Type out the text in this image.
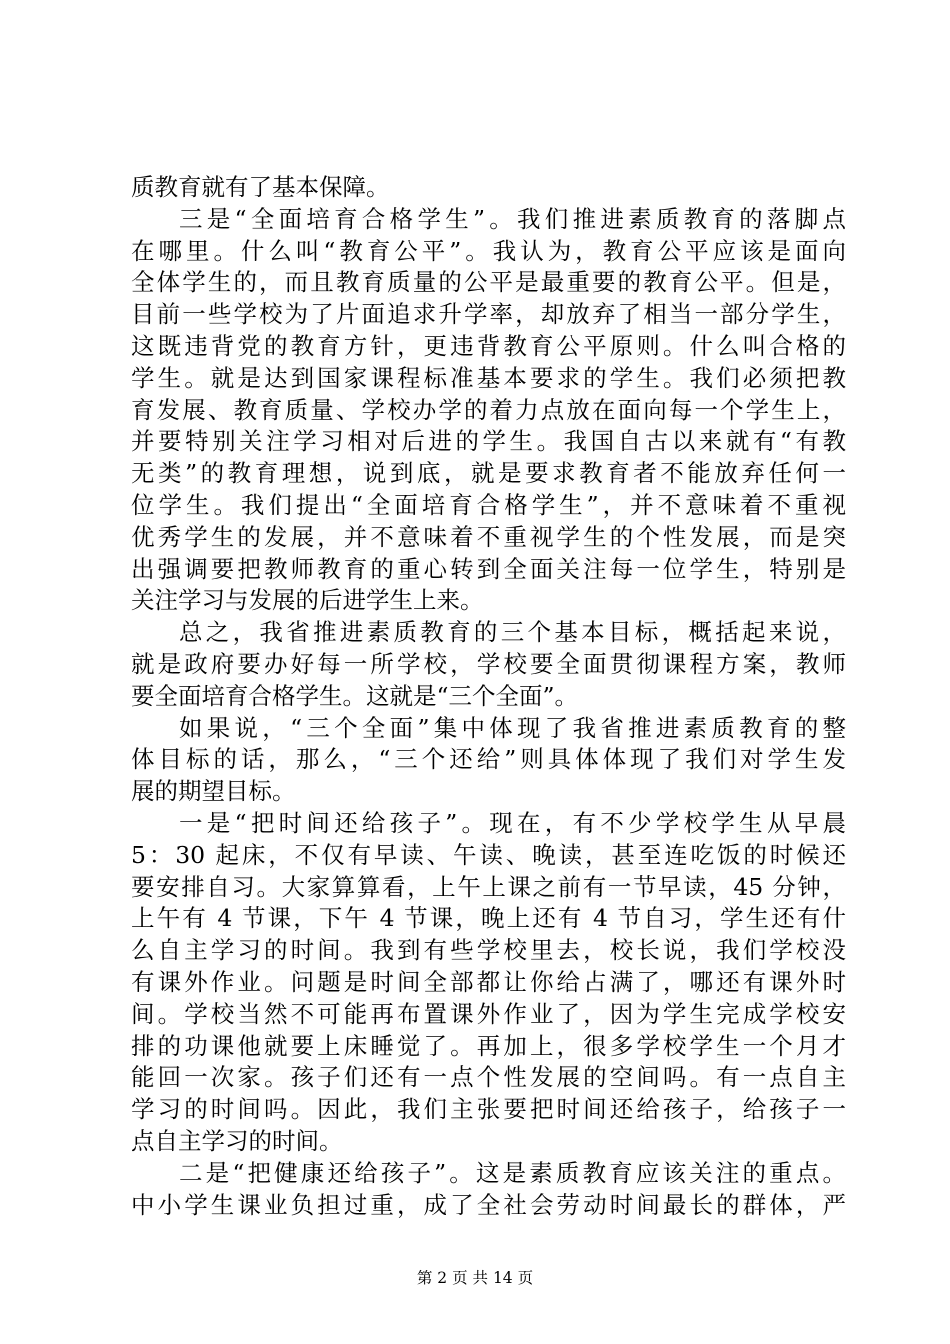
质教育就有了基本保障。
三是“全面培育合格学生”。我们推进素质教育的落脚点
在哪里。什么叫“教育公平”。我认为，教育公平应该是面向
全体学生的，而且教育质量的公平是最重要的教育公平。但是，
目前一些学校为了片面追求升学率，却放弃了相当一部分学生，
这既违背党的教育方针，更违背教育公平原则。什么叫合格的
学生。就是达到国家课程标准基本要求的学生。我们必须把教
育发展、教育质量、学校办学的着力点放在面向每一个学生上，
并要特别关注学习相对后进的学生。我国自古以来就有“有教
无类”的教育理想，说到底，就是要求教育者不能放弃任何一
位学生。我们提出“全面培育合格学生”，并不意味着不重视
优秀学生的发展，并不意味着不重视学生的个性发展，而是突
出强调要把教师教育的重心转到全面关注每一位学生，特别是
关注学习与发展的后进学生上来。
总之，我省推进素质教育的三个基本目标，概括起来说，
就是政府要办好每一所学校，学校要全面贯彻课程方案，教师
要全面培育合格学生。这就是“三个全面”。
如果说，“三个全面”集中体现了我省推进素质教育的整
体目标的话，那么，“三个还给”则具体体现了我们对学生发
展的期望目标。
一是“把时间还给孩子”。现在，有不少学校学生从早晨
5：30 起床，不仅有早读、午读、晚读，甚至连吃饭的时候还
要安排自习。大家算算看，上午上课之前有一节早读，45 分钟，
上午有 4 节课，下午 4 节课，晚上还有 4 节自习，学生还有什
么自主学习的时间。我到有些学校里去，校长说，我们学校没
有课外作业。问题是时间全部都让你给占满了，哪还有课外时
间。学校当然不可能再布置课外作业了，因为学生完成学校安
排的功课他就要上床睡觉了。再加上，很多学校学生一个月才
能回一次家。孩子们还有一点个性发展的空间吗。有一点自主
学习的时间吗。因此，我们主张要把时间还给孩子，给孩子一
点自主学习的时间。
二是“把健康还给孩子”。这是素质教育应该关注的重点。
中小学生课业负担过重，成了全社会劳动时间最长的群体，严
第 2 页 共 14 页
